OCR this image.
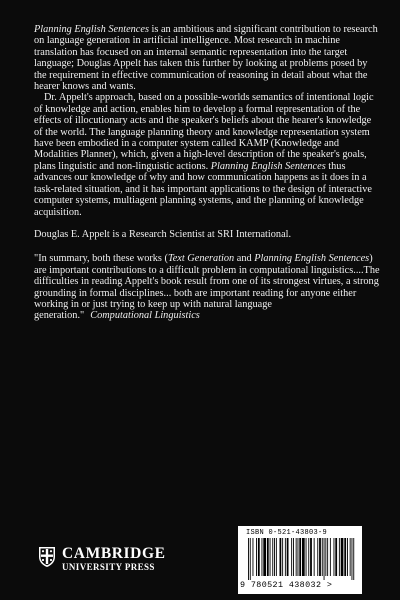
Planning English Sentences is an ambitious and significant contribution to research on language generation in artificial intelligence. Most research in machine translation has focused on an internal semantic representation into the target language; Douglas Appelt has taken this further by looking at problems posed by the requirement in effective communication of reasoning in detail about what the hearer knows and wants.

Dr. Appelt's approach, based on a possible-worlds semantics of intentional logic of knowledge and action, enables him to develop a formal representation of the effects of illocutionary acts and the speaker's beliefs about the hearer's knowledge of the world. The language planning theory and knowledge representation system have been embodied in a computer system called KAMP (Knowledge and Modalities Planner), which, given a high-level description of the speaker's goals, plans linguistic and non-linguistic actions. Planning English Sentences thus advances our knowledge of why and how communication happens as it does in a task-related situation, and it has important applications to the design of interactive computer systems, multiagent planning systems, and the planning of knowledge acquisition.

Douglas E. Appelt is a Research Scientist at SRI International.

"In summary, both these works (Text Generation and Planning English Sentences) are important contributions to a difficult problem in computational linguistics....The difficulties in reading Appelt's book result from one of its strongest virtues, a strong grounding in formal disciplines... both are important reading for anyone either working in or just trying to keep up with natural language generation." Computational Linguistics

CAMBRIDGE
UNIVERSITY PRESS
ISBN 0-521-43803-9
9 780521 438032 >
